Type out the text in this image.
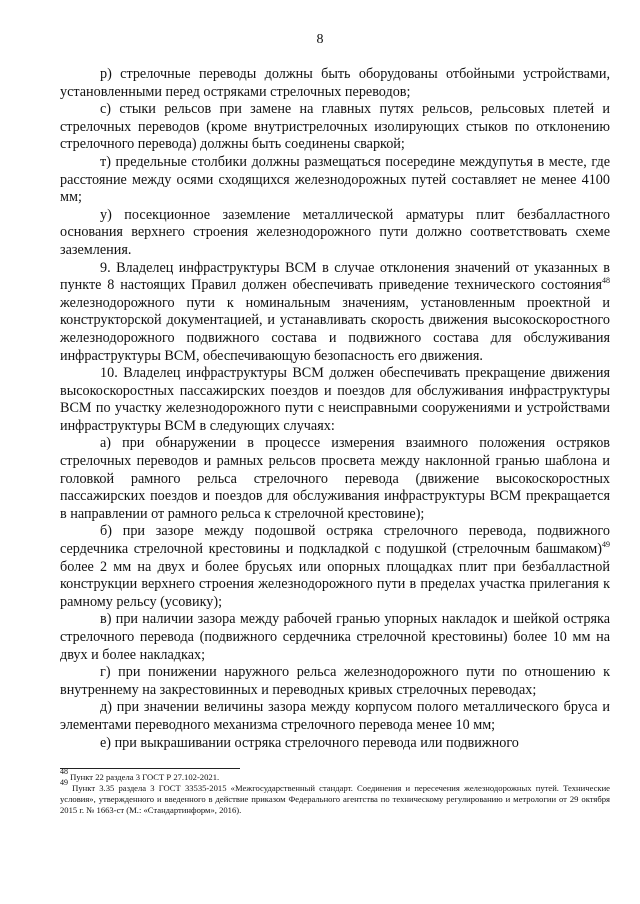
8

р) стрелочные переводы должны быть оборудованы отбойными устройствами, установленными перед остряками стрелочных переводов;

с) стыки рельсов при замене на главных путях рельсов, рельсовых плетей и стрелочных переводов (кроме внутристрелочных изолирующих стыков по отклонению стрелочного перевода) должны быть соединены сваркой;

т) предельные столбики должны размещаться посередине междупутья в месте, где расстояние между осями сходящихся железнодорожных путей составляет не менее 4100 мм;

у) посекционное заземление металлической арматуры плит безбалластного основания верхнего строения железнодорожного пути должно соответствовать схеме заземления.

9. Владелец инфраструктуры ВСМ в случае отклонения значений от указанных в пункте 8 настоящих Правил должен обеспечивать приведение технического состояния$^{48}$ железнодорожного пути к номинальным значениям, установленным проектной и конструкторской документацией, и устанавливать скорость движения высокоскоростного железнодорожного подвижного состава и подвижного состава для обслуживания инфраструктуры ВСМ, обеспечивающую безопасность его движения.

10. Владелец инфраструктуры ВСМ должен обеспечивать прекращение движения высокоскоростных пассажирских поездов и поездов для обслуживания инфраструктуры ВСМ по участку железнодорожного пути с неисправными сооружениями и устройствами инфраструктуры ВСМ в следующих случаях:

а) при обнаружении в процессе измерения взаимного положения остряков стрелочных переводов и рамных рельсов просвета между наклонной гранью шаблона и головкой рамного рельса стрелочного перевода (движение высокоскоростных пассажирских поездов и поездов для обслуживания инфраструктуры ВСМ прекращается в направлении от рамного рельса к стрелочной крестовине);

б) при зазоре между подошвой остряка стрелочного перевода, подвижного сердечника стрелочной крестовины и подкладкой с подушкой (стрелочным башмаком)$^{49}$ более 2 мм на двух и более брусьях или опорных площадках плит при безбалластной конструкции верхнего строения железнодорожного пути в пределах участка прилегания к рамному рельсу (усовику);

в) при наличии зазора между рабочей гранью упорных накладок и шейкой остряка стрелочного перевода (подвижного сердечника стрелочной крестовины) более 10 мм на двух и более накладках;

г) при понижении наружного рельса железнодорожного пути по отношению к внутреннему на закрестовинных и переводных кривых стрелочных переводах;

д) при значении величины зазора между корпусом полого металлического бруса и элементами переводного механизма стрелочного перевода менее 10 мм;

е) при выкрашивании остряка стрелочного перевода или подвижного

$^{48}$ Пункт 22 раздела 3 ГОСТ Р 27.102-2021.

$^{49}$ Пункт 3.35 раздела 3 ГОСТ 33535-2015 «Межгосударственный стандарт. Соединения и пересечения железнодорожных путей. Технические условия», утвержденного и введенного в действие приказом Федерального агентства по техническому регулированию и метрологии от 29 октября 2015 г. № 1663-ст (М.: «Стандартинформ», 2016).
